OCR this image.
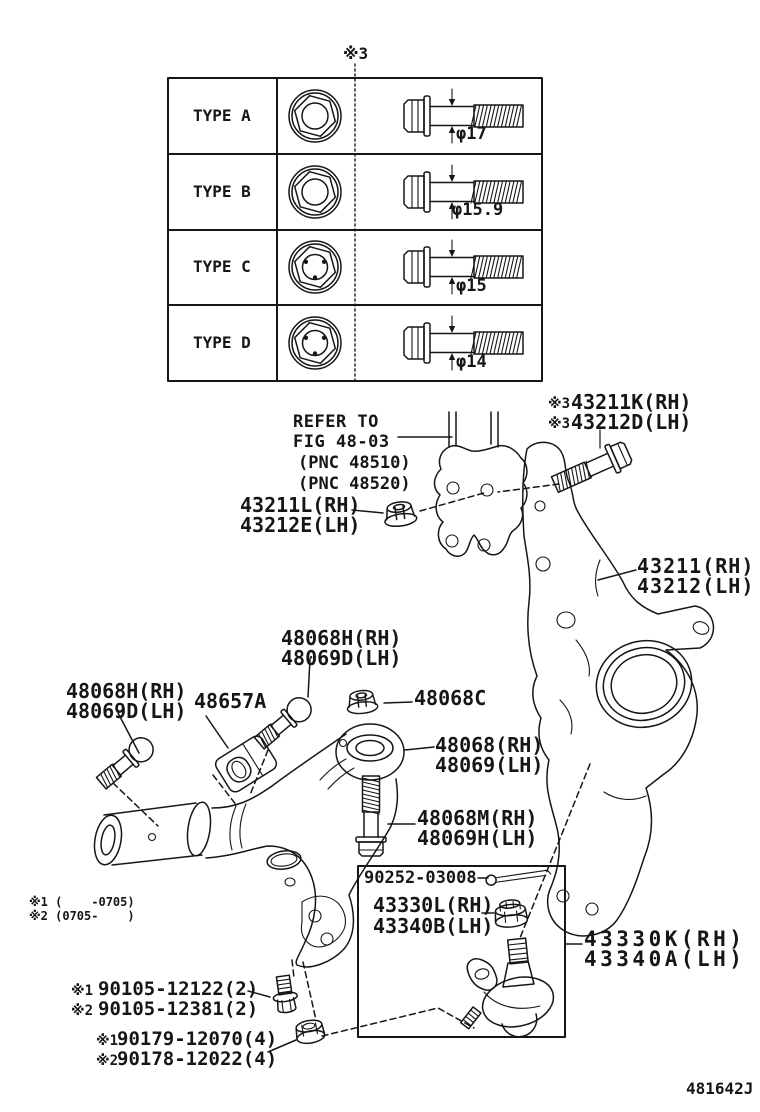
※3
TYPE A
TYPE B
TYPE C
TYPE D
φ17
φ15.9
φ15
φ14
REFER TO
FIG 48-03
(PNC 48510)
(PNC 48520)
43211L(RH)
43212E(LH)
※3 43211K(RH)
※3 43212D(LH)
43211(RH)
43212(LH)
48068H(RH)
48069D(LH)
48068C
48068H(RH)
48069D(LH) 48657A
48068(RH)
48069(LH)
48068M(RH)
48069H(LH)
90252-03008
43330L(RH)
43340B(LH)
43330K(RH)
43340A(LH)
※1 (    -0705)
※2 (0705-    )
※1 90105-12122(2)
※2 90105-12381(2)
※1
90179-12070(4)
※2
90178-12022(4)
481642J
